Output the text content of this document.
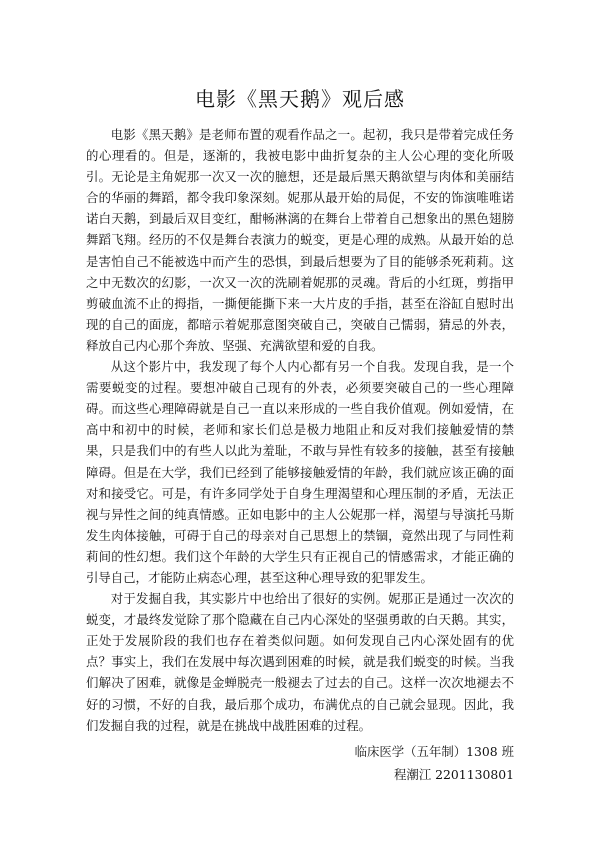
电影《黑天鹅》观后感

电影《黑天鹅》是老师布置的观看作品之一。起初，我只是带着完成任务的心理看的。但是，逐渐的，我被电影中曲折复杂的主人公心理的变化所吸引。无论是主角妮那一次又一次的臆想，还是最后黑天鹅欲望与肉体和美丽结合的华丽的舞蹈，都令我印象深刻。妮那从最开始的局促，不安的饰演唯唯诺诺白天鹅，到最后双目变红，酣畅淋漓的在舞台上带着自己想象出的黑色翅膀舞蹈飞翔。经历的不仅是舞台表演力的蜕变，更是心理的成熟。从最开始的总是害怕自己不能被选中而产生的恐惧，到最后想要为了目的能够杀死莉莉。这之中无数次的幻影，一次又一次的洗刷着妮那的灵魂。背后的小红斑，剪指甲剪破血流不止的拇指，一撕便能撕下来一大片皮的手指，甚至在浴缸自慰时出现的自己的面庞，都暗示着妮那意图突破自己，突破自己懦弱，猜忌的外表，释放自己内心那个奔放、坚强、充满欲望和爱的自我。

从这个影片中，我发现了每个人内心都有另一个自我。发现自我，是一个需要蜕变的过程。要想冲破自己现有的外表，必须要突破自己的一些心理障碍。而这些心理障碍就是自己一直以来形成的一些自我价值观。例如爱情，在高中和初中的时候，老师和家长们总是极力地阻止和反对我们接触爱情的禁果，只是我们中的有些人以此为羞耻，不敢与异性有较多的接触，甚至有接触障碍。但是在大学，我们已经到了能够接触爱情的年龄，我们就应该正确的面对和接受它。可是，有许多同学处于自身生理渴望和心理压制的矛盾，无法正视与异性之间的纯真情感。正如电影中的主人公妮那一样，渴望与导演托马斯发生肉体接触，可碍于自己的母亲对自己思想上的禁锢，竟然出现了与同性莉莉间的性幻想。我们这个年龄的大学生只有正视自己的情感需求，才能正确的引导自己，才能防止病态心理，甚至这种心理导致的犯罪发生。

对于发掘自我，其实影片中也给出了很好的实例。妮那正是通过一次次的蜕变，才最终发觉除了那个隐藏在自己内心深处的坚强勇敢的白天鹅。其实，正处于发展阶段的我们也存在着类似问题。如何发现自己内心深处固有的优点？事实上，我们在发展中每次遇到困难的时候，就是我们蜕变的时候。当我们解决了困难，就像是金蝉脱壳一般褪去了过去的自己。这样一次次地褪去不好的习惯，不好的自我，最后那个成功，布满优点的自己就会显现。因此，我们发掘自我的过程，就是在挑战中战胜困难的过程。

临床医学（五年制）1308 班
程潮江 2201130801
